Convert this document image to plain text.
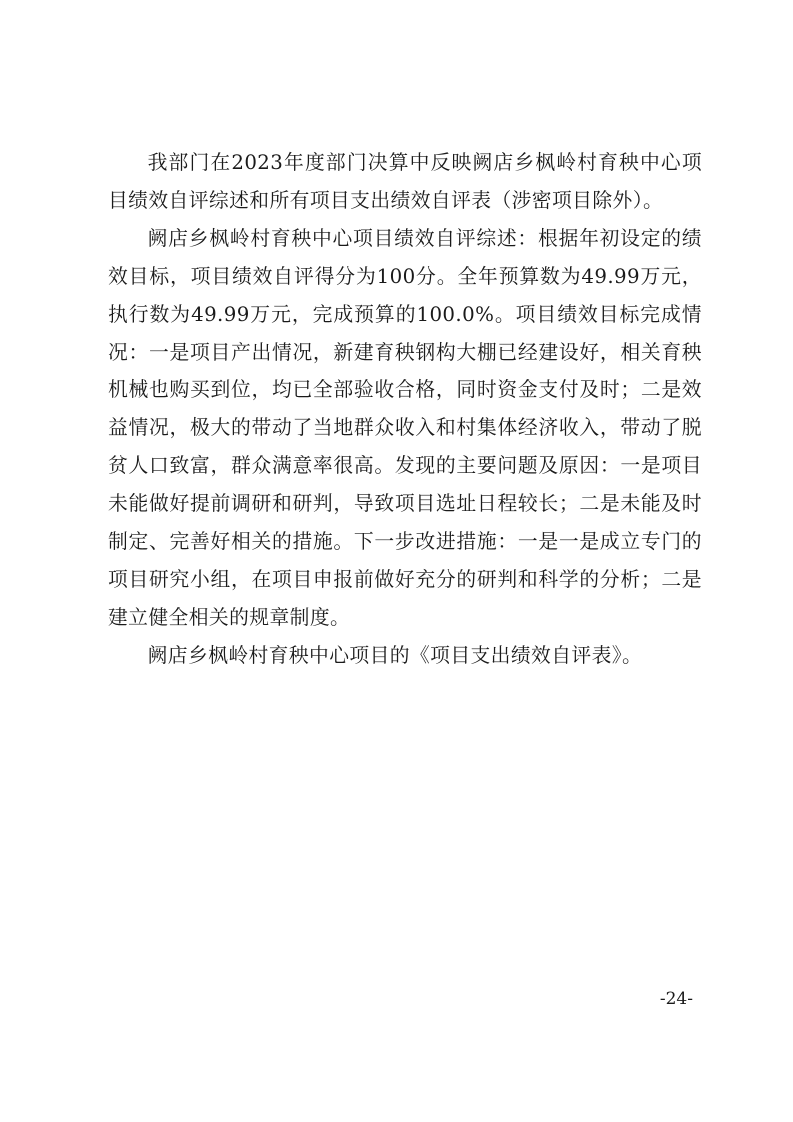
我部门在2023年度部门决算中反映阙店乡枫岭村育秧中心项目绩效自评综述和所有项目支出绩效自评表（涉密项目除外）。

阙店乡枫岭村育秧中心项目绩效自评综述：根据年初设定的绩效目标，项目绩效自评得分为100分。全年预算数为49.99万元，执行数为49.99万元，完成预算的100.0%。项目绩效目标完成情况：一是项目产出情况，新建育秧钢构大棚已经建设好，相关育秧机械也购买到位，均已全部验收合格，同时资金支付及时；二是效益情况，极大的带动了当地群众收入和村集体经济收入，带动了脱贫人口致富，群众满意率很高。发现的主要问题及原因：一是项目未能做好提前调研和研判，导致项目选址日程较长；二是未能及时制定、完善好相关的措施。下一步改进措施：一是一是成立专门的项目研究小组，在项目申报前做好充分的研判和科学的分析；二是建立健全相关的规章制度。

阙店乡枫岭村育秧中心项目的《项目支出绩效自评表》。

-24-
